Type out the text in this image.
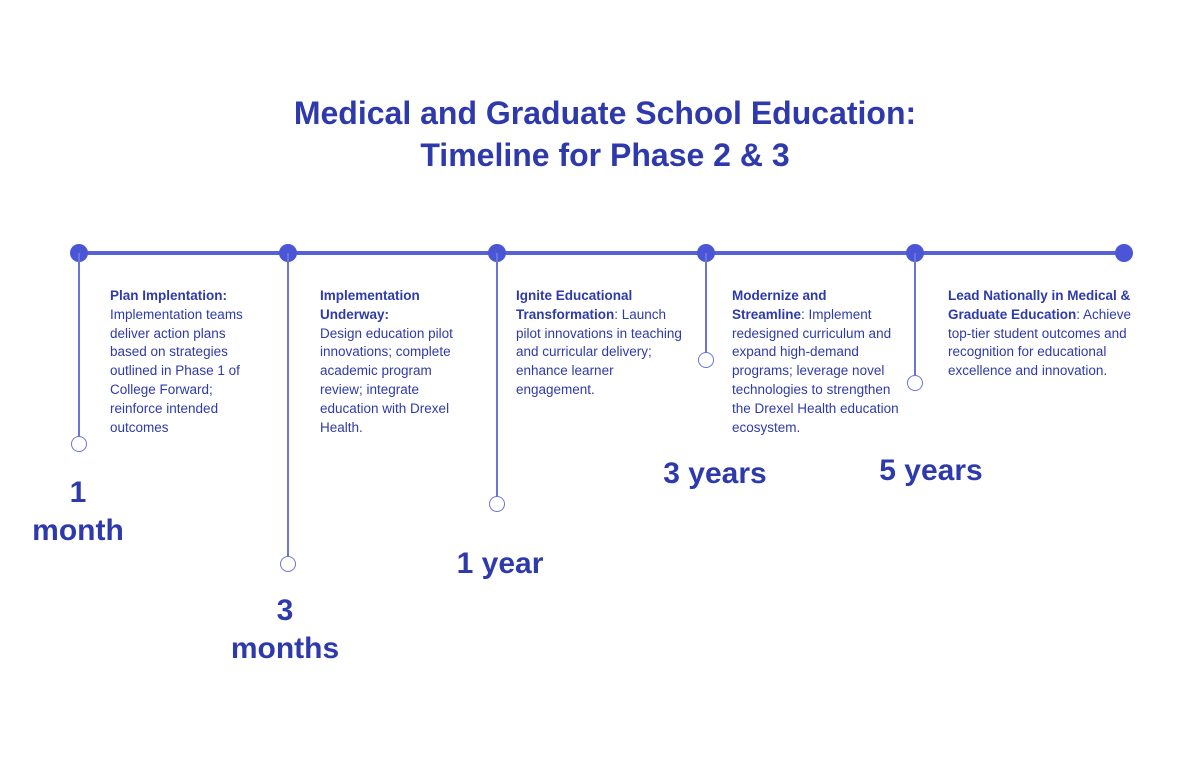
Medical and Graduate School Education:
Timeline for Phase 2 & 3
Plan Implentation:
Implementation teams deliver action plans based on strategies outlined in Phase 1 of College Forward; reinforce intended outcomes
Implementation Underway:
Design education pilot innovations; complete academic program review; integrate education with Drexel Health.
Ignite Educational Transformation: Launch pilot innovations in teaching and curricular delivery; enhance learner engagement.
Modernize and Streamline: Implement redesigned curriculum and expand high-demand programs; leverage novel technologies to strengthen the Drexel Health education ecosystem.
Lead Nationally in Medical & Graduate Education: Achieve top-tier student outcomes and recognition for educational excellence and innovation.
1
month
3
months
1 year
3 years	5 years
